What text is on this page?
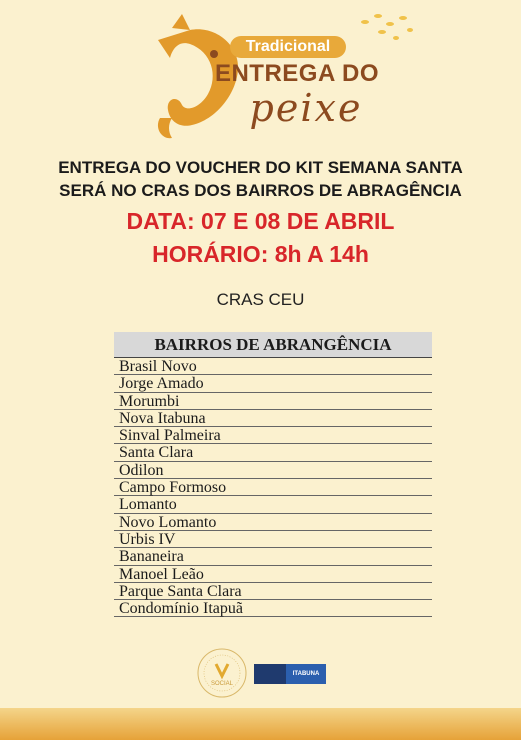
Tradicional
ENTREGA DO
peixe
ENTREGA DO VOUCHER DO KIT SEMANA SANTA
SERÁ NO CRAS DOS BAIRROS DE ABRAGÊNCIA
DATA: 07 E 08 DE ABRIL
HORÁRIO: 8h A 14h
CRAS CEU
BAIRROS DE ABRANGÊNCIA
Brasil Novo
Jorge Amado
Morumbi
Nova Itabuna
Sinval Palmeira
Santa Clara
Odilon
Campo Formoso
Lomanto
Novo Lomanto
Urbis IV
Bananeira
Manoel Leão
Parque Santa Clara
Condomínio Itapuã
SOCIAL
ITABUNA
